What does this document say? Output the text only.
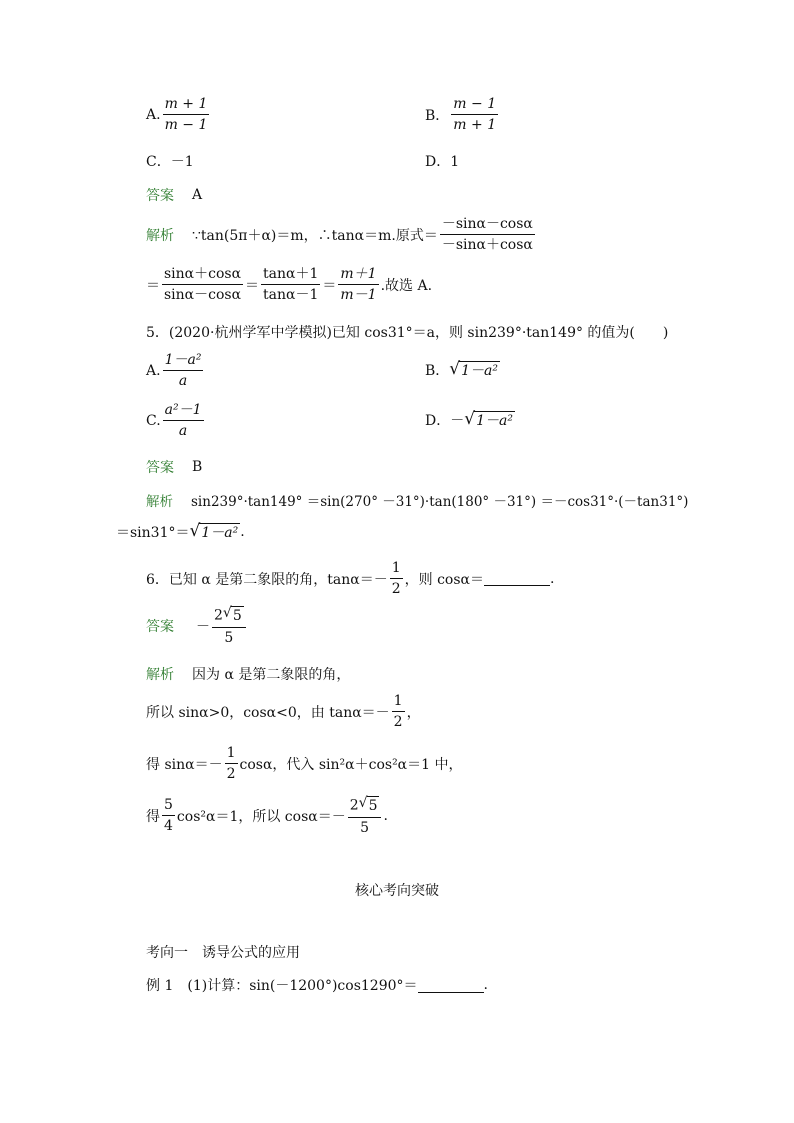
A. $\frac{m + 1}{m - 1}$	B． $\frac{m - 1}{m + 1}$
C．－1	D．1
答案 A
解析 ∵tan(5π＋α)＝m，∴tanα＝m.原式＝ $\frac{-\sin\alpha-\cos\alpha}{-\sin\alpha+\cos\alpha}$
＝ $\frac{\sin\alpha+\cos\alpha}{\sin\alpha-\cos\alpha} = \frac{\tan\alpha+1}{\tan\alpha-1} = \frac{m+1}{m-1}$ .故选 A.
5．(2020·杭州学军中学模拟)已知 cos31°＝a，则 sin239°·tan149° 的值为(　　)
A. $\frac{\text{1－a²}}{a}$	B． √ 1－a²
C. $\frac{\text{a²－1}}{a}$	D．－ √ 1－a²
答案 B
解析 sin239°·tan149° ＝sin(270° －31°)·tan(180° －31°) ＝－cos31°·(－tan31°)
＝sin31°＝ √ 1－a² .
6．已知 α 是第二象限的角，$\tan\alpha=- \frac{1}{2}$ ，则 cosα＝	.
答案 － $\frac{2 √ 5}{5}$
解析 因为 α 是第二象限的角，
所以 sinα>0，cosα<0，由 $\tan\alpha=- \frac{1}{2}$ ，
得 $\sin\alpha=- \frac{1}{2}$ cosα，代入 sin²α＋cos²α＝1 中，
得 $\frac{5}{4} \cos^2\alpha=1$，所以 $\cos\alpha=- \frac{2 √ 5}{5}$ .
核心考向突破
考向一　诱导公式的应用
例 1　(1)计算：sin(－1200°)cos1290°＝	.
